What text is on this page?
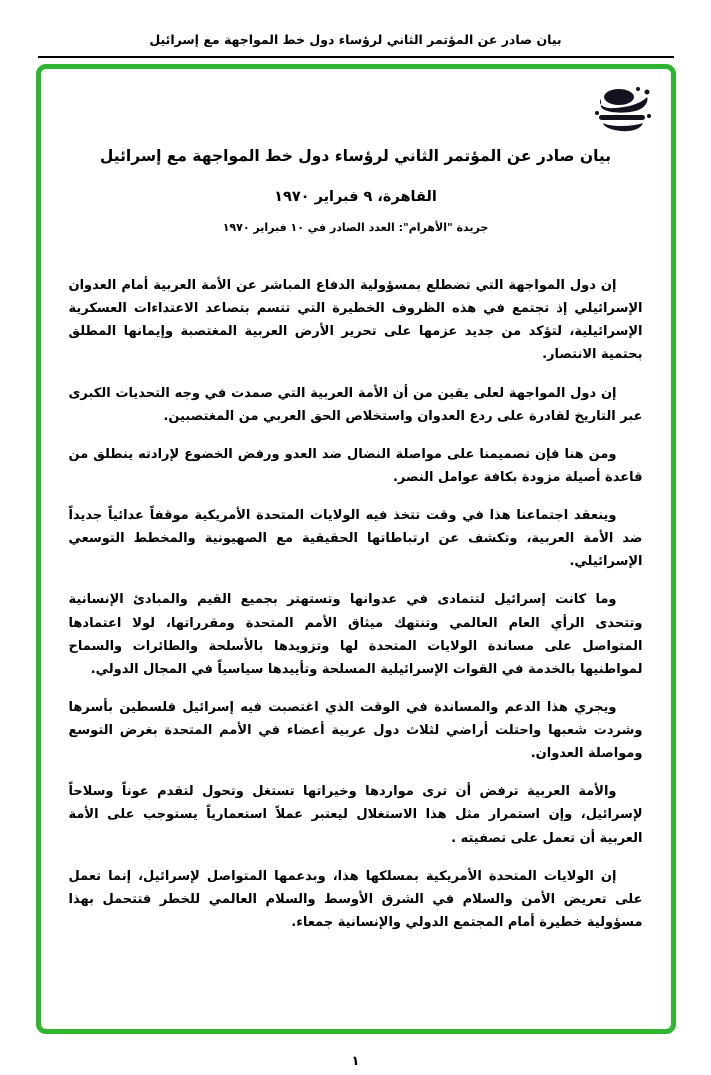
بيان صادر عن المؤتمر الثاني لرؤساء دول خط المواجهة مع إسرائيل
بيان صادر عن المؤتمر الثاني لرؤساء دول خط المواجهة مع إسرائيل
القاهرة، ٩ فبراير ١٩٧٠
جريدة "الأهرام": العدد الصادر في ١٠ فبراير ١٩٧٠

إن دول المواجهة التي تضطلع بمسؤولية الدفاع المباشر عن الأمة العربية أمام العدوان الإسرائيلي إذ تجتمع في هذه الظروف الخطيرة التي تتسم بتصاعد الاعتداءات العسكرية الإسرائيلية، لتؤكد من جديد عزمها على تحرير الأرض العربية المغتصبة وإيمانها المطلق بحتمية الانتصار.

إن دول المواجهة لعلى يقين من أن الأمة العربية التي صمدت في وجه التحديات الكبرى عبر التاريخ لقادرة على ردع العدوان واستخلاص الحق العربي من المغتصبين.

ومن هنا فإن تصميمنا على مواصلة النضال ضد العدو ورفض الخضوع لإرادته ينطلق من قاعدة أصيلة مزودة بكافة عوامل النصر.

وينعقد اجتماعنا هذا في وقت تتخذ فيه الولايات المتحدة الأمريكية موقفاً عدائياً جديداً ضد الأمة العربية، وتكشف عن ارتباطاتها الحقيقية مع الصهيونية والمخطط التوسعي الإسرائيلي.

وما كانت إسرائيل لتتمادى في عدوانها وتستهتر بجميع القيم والمبادئ الإنسانية وتتحدى الرأي العام العالمي وتنتهك ميثاق الأمم المتحدة ومقرراتها، لولا اعتمادها المتواصل على مساندة الولايات المتحدة لها وتزويدها بالأسلحة والطائرات والسماح لمواطنيها بالخدمة في القوات الإسرائيلية المسلحة وتأييدها سياسياً في المجال الدولي.

ويجري هذا الدعم والمساندة في الوقت الذي اغتصبت فيه إسرائيل فلسطين بأسرها وشردت شعبها واحتلت أراضي لثلاث دول عربية أعضاء في الأمم المتحدة بغرض التوسع ومواصلة العدوان.

والأمة العربية ترفض أن ترى مواردها وخيراتها تستغل وتحول لتقدم عوناً وسلاحاً لإسرائيل، وإن استمرار مثل هذا الاستغلال ليعتبر عملاً استعمارياً يستوجب على الأمة العربية أن تعمل على تصفيته .

إن الولايات المتحدة الأمريكية بمسلكها هذا، وبدعمها المتواصل لإسرائيل، إنما تعمل على تعريض الأمن والسلام في الشرق الأوسط والسلام العالمي للخطر فتتحمل بهذا مسؤولية خطيرة أمام المجتمع الدولي والإنسانية جمعاء.

١
